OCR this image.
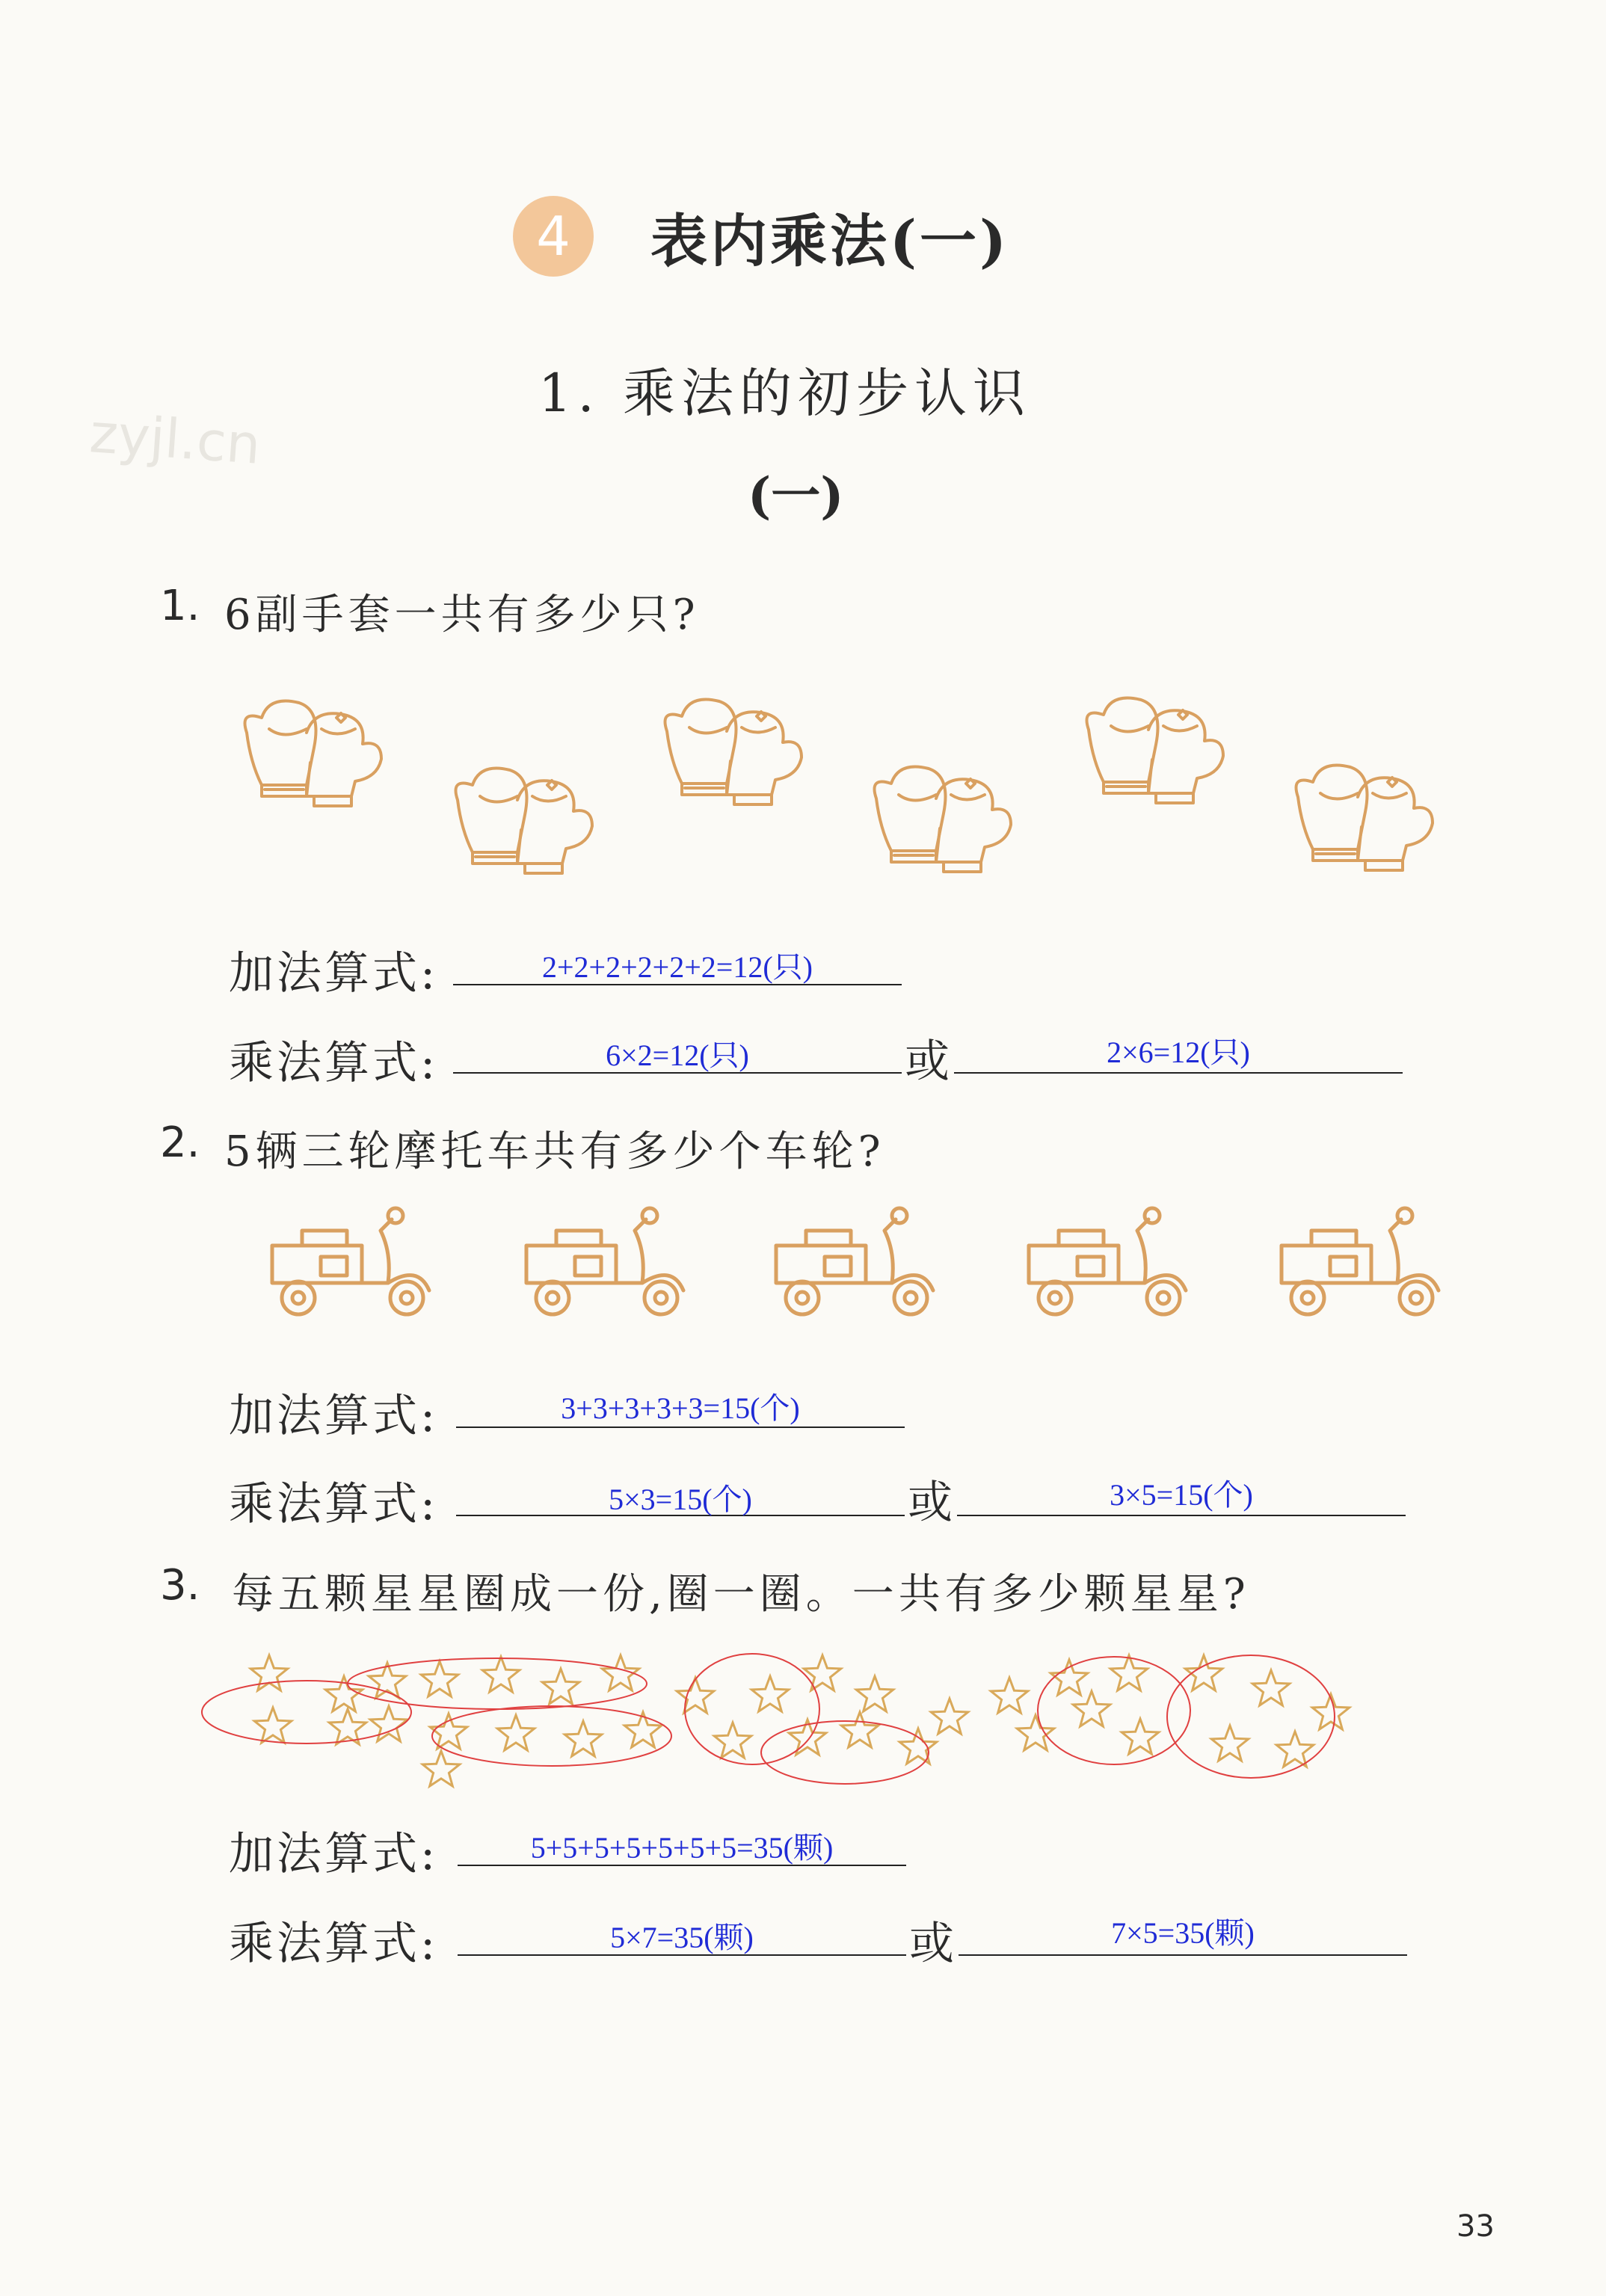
4	表内乘法(一)
zyjl.cn
1. 乘法的初步认识
(一)
1. 6副手套一共有多少只?
加法算式:	2+2+2+2+2+2=12(只)
乘法算式:	6×2=12(只)	或	2×6=12(只)
2. 5辆三轮摩托车共有多少个车轮?
加法算式:	3+3+3+3+3=15(个)
乘法算式:	5×3=15(个)	或	3×5=15(个)
3. 每五颗星星圈成一份,圈一圈。一共有多少颗星星?
加法算式:	5+5+5+5+5+5+5=35(颗)
乘法算式:	5×7=35(颗)	或	7×5=35(颗)
33
